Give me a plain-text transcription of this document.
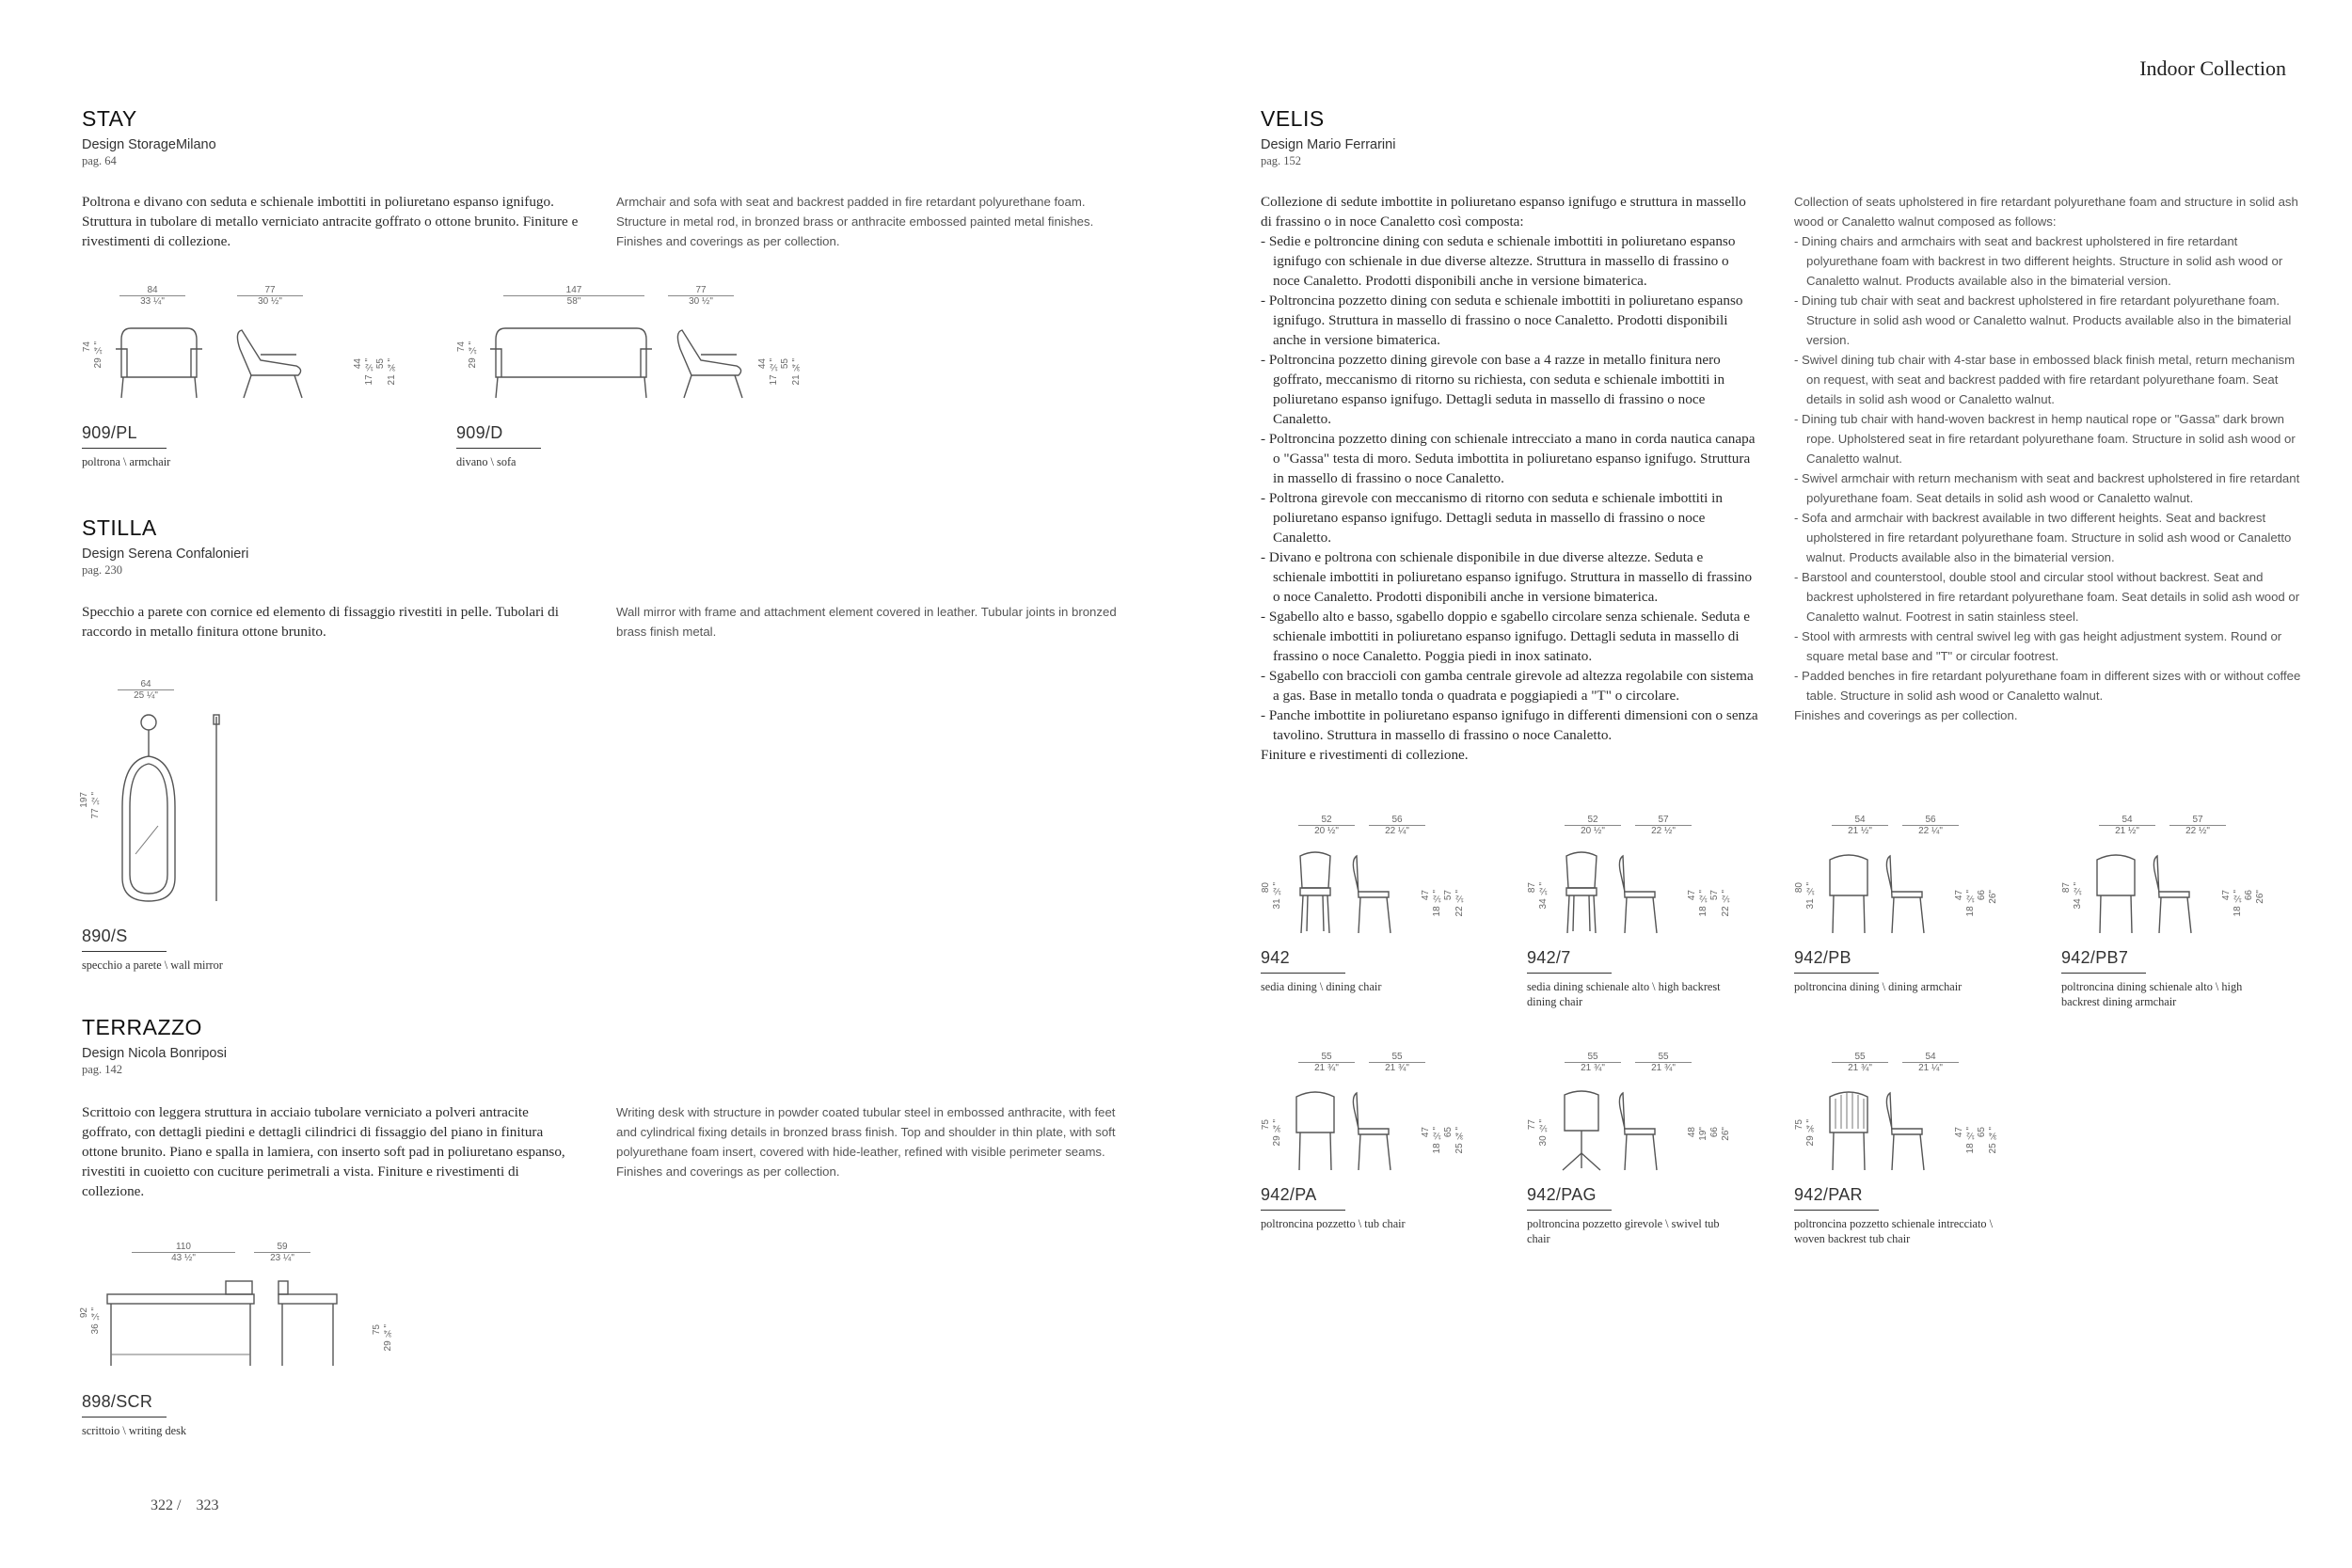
Indoor Collection
STAY
Design StorageMilano
pag. 64
Poltrona e divano con seduta e schienale imbottiti in poliuretano espanso ignifugo. Struttura in tubolare di metallo verniciato antracite goffrato o ottone brunito. Finiture e rivestimenti di collezione.
Armchair and sofa with seat and backrest padded in fire retardant polyurethane foam. Structure in metal rod, in bronzed brass or anthracite embossed painted metal finishes. Finishes and coverings as per collection.
84
33 ¼"
77
30 ½"
74 29 ¼"	44 17 ½" 55 21 ¾"
909/PL
poltrona \ armchair
147
58"
77
30 ½"
74 29 ¼"	44 17 ½" 55 21 ¾"
909/D
divano \ sofa
STILLA
Design Serena Confalonieri
pag. 230
Specchio a parete con cornice ed elemento di fissaggio rivestiti in pelle. Tubolari di raccordo in metallo finitura ottone brunito.
Wall mirror with frame and attachment element covered in leather. Tubular joints in bronzed brass finish metal.
64
25 ¼"
197 77 ½"
890/S
specchio a parete \ wall mirror
TERRAZZO
Design Nicola Bonriposi
pag. 142
Scrittoio con leggera struttura in acciaio tubolare verniciato a polveri antracite goffrato, con dettagli piedini e dettagli cilindrici di fissaggio del piano in finitura ottone brunito. Piano e spalla in lamiera, con inserto soft pad in poliuretano espanso, rivestiti in cuoietto con cuciture perimetrali a vista. Finiture e rivestimenti di collezione.
Writing desk with structure in powder coated tubular steel in embossed anthracite, with feet and cylindrical fixing details in bronzed brass finish. Top and shoulder in thin plate, with soft polyurethane foam insert, covered with hide-leather, refined with visible perimeter seams. Finishes and coverings as per collection.
110
43 ½"
59
23 ¼"
92 36 ¼"	75 29 ¾"
898/SCR
scrittoio \ writing desk
322 / 323
VELIS
Design Mario Ferrarini
pag. 152

Collezione di sedute imbottite in poliuretano espanso ignifugo e struttura in massello di frassino o in noce Canaletto così composta:

- Sedie e poltroncine dining con seduta e schienale imbottiti in poliuretano espanso ignifugo con schienale in due diverse altezze. Struttura in massello di frassino o noce Canaletto. Prodotti disponibili anche in versione bimaterica.
- Poltroncina pozzetto dining con seduta e schienale imbottiti in poliuretano espanso ignifugo. Struttura in massello di frassino o noce Canaletto. Prodotti disponibili anche in versione bimaterica.
- Poltroncina pozzetto dining girevole con base a 4 razze in metallo finitura nero goffrato, meccanismo di ritorno su richiesta, con seduta e schienale imbottiti in poliuretano espanso ignifugo. Dettagli seduta in massello di frassino o noce Canaletto.
- Poltroncina pozzetto dining con schienale intrecciato a mano in corda nautica canapa o "Gassa" testa di moro. Seduta imbottita in poliuretano espanso ignifugo. Struttura in massello di frassino o noce Canaletto.
- Poltrona girevole con meccanismo di ritorno con seduta e schienale imbottiti in poliuretano espanso ignifugo. Dettagli seduta in massello di frassino o noce Canaletto.
- Divano e poltrona con schienale disponibile in due diverse altezze. Seduta e schienale imbottiti in poliuretano espanso ignifugo. Struttura in massello di frassino o noce Canaletto. Prodotti disponibili anche in versione bimaterica.
- Sgabello alto e basso, sgabello doppio e sgabello circolare senza schienale. Seduta e schienale imbottiti in poliuretano espanso ignifugo. Dettagli seduta in massello di frassino o noce Canaletto. Poggia piedi in inox satinato.
- Sgabello con braccioli con gamba centrale girevole ad altezza regolabile con sistema a gas. Base in metallo tonda o quadrata e poggiapiedi a "T" o circolare.
- Panche imbottite in poliuretano espanso ignifugo in differenti dimensioni con o senza tavolino. Struttura in massello di frassino o noce Canaletto.

Finiture e rivestimenti di collezione.

Collection of seats upholstered in fire retardant polyurethane foam and structure in solid ash wood or Canaletto walnut composed as follows:

- Dining chairs and armchairs with seat and backrest upholstered in fire retardant polyurethane foam with backrest in two different heights. Structure in solid ash wood or Canaletto walnut. Products available also in the bimaterial version.
- Dining tub chair with seat and backrest upholstered in fire retardant polyurethane foam. Structure in solid ash wood or Canaletto walnut. Products available also in the bimaterial version.
- Swivel dining tub chair with 4-star base in embossed black finish metal, return mechanism on request, with seat and backrest padded with fire retardant polyurethane foam. Seat details in solid ash wood or Canaletto walnut.
- Dining tub chair with hand-woven backrest in hemp nautical rope or "Gassa" dark brown rope. Upholstered seat in fire retardant polyurethane foam. Structure in solid ash wood or Canaletto walnut.
- Swivel armchair with return mechanism with seat and backrest upholstered in fire retardant polyurethane foam. Seat details in solid ash wood or Canaletto walnut.
- Sofa and armchair with backrest available in two different heights. Seat and backrest upholstered in fire retardant polyurethane foam. Structure in solid ash wood or Canaletto walnut. Products available also in the bimaterial version.
- Barstool and counterstool, double stool and circular stool without backrest. Seat and backrest upholstered in fire retardant polyurethane foam. Seat details in solid ash wood or Canaletto walnut. Footrest in satin stainless steel.
- Stool with armrests with central swivel leg with gas height adjustment system. Round or square metal base and "T" or circular footrest.
- Padded benches in fire retardant polyurethane foam in different sizes with or without coffee table. Structure in solid ash wood or Canaletto walnut.

Finishes and coverings as per collection.

52
20 ½"
56
22 ¼"
80 31 ½"	47 18 ½" 57 22 ½"
942
sedia dining \ dining chair
52
20 ½"
57
22 ½"
87 34 ½"	47 18 ½" 57 22 ½"
942/7
sedia dining schienale alto \ high backrest dining chair
54
21 ½"
56
22 ¼"
80 31 ½"	47 18 ½" 66 26"
942/PB
poltroncina dining \ dining armchair
54
21 ½"
57
22 ½"
87 34 ½"	47 18 ½" 66 26"
942/PB7
poltroncina dining schienale alto \ high backrest dining armchair
55
21 ¾"
55
21 ¾"
75 29 ¾"	47 18 ½" 65 25 ¾"
942/PA
poltroncina pozzetto \ tub chair
55
21 ¾"
55
21 ¾"
77 30 ½"	48 19" 66 26"
942/PAG
poltroncina pozzetto girevole \ swivel tub chair
55
21 ¾"
54
21 ¼"
75 29 ¾"	47 18 ½" 65 25 ¾"
942/PAR
poltroncina pozzetto schienale intrecciato \ woven backrest tub chair
